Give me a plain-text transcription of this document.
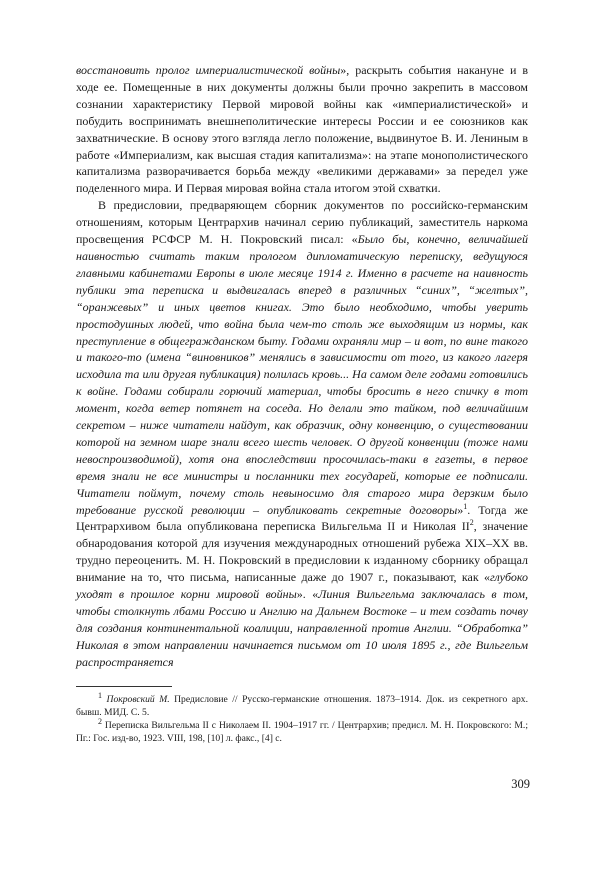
восстановить пролог империалистической войны», раскрыть события накануне и в ходе ее. Помещенные в них документы должны были прочно закрепить в массовом сознании характеристику Первой мировой войны как «империалистической» и побудить воспринимать внешнеполитические интересы России и ее союзников как захватнические. В основу этого взгляда легло положение, выдвинутое В. И. Лениным в работе «Империализм, как высшая стадия капитализма»: на этапе монополистического капитализма разворачивается борьба между «великими державами» за передел уже поделенного мира. И Первая мировая война стала итогом этой схватки.

В предисловии, предваряющем сборник документов по российско-германским отношениям, которым Центрархив начинал серию публикаций, заместитель наркома просвещения РСФСР М. Н. Покровский писал: «Было бы, конечно, величайшей наивностью считать таким прологом дипломатическую переписку, ведущуюся главными кабинетами Европы в июле месяце 1914 г. Именно в расчете на наивность публики эта переписка и выдвигалась вперед в различных “синих”, “желтых”, “оранжевых” и иных цветов книгах. Это было необходимо, чтобы уверить простодушных людей, что война была чем-то столь же выходящим из нормы, как преступление в общегражданском быту. Годами охраняли мир – и вот, по вине такого и такого-то (имена “виновников” менялись в зависимости от того, из какого лагеря исходила та или другая публикация) полилась кровь... На самом деле годами готовились к войне. Годами собирали горючий материал, чтобы бросить в него спичку в тот момент, когда ветер потянет на соседа. Но делали это тайком, под величайшим секретом – ниже читатели найдут, как образчик, одну конвенцию, о существовании которой на земном шаре знали всего шесть человек. О другой конвенции (тоже нами невоспроизводимой), хотя она впоследствии просочилась-таки в газеты, в первое время знали не все министры и посланники тех государей, которые ее подписали. Читатели поймут, почему столь невыносимо для старого мира дерзким было требование русской революции – опубликовать секретные договоры»$^1$. Тогда же Центрархивом была опубликована переписка Вильгельма II и Николая $II^2$, значение обнародования которой для изучения международных отношений рубежа XIX–XX вв. трудно переоценить. М. Н. Покровский в предисловии к изданному сборнику обращал внимание на то, что письма, написанные даже до 1907 г., показывают, как «глубоко уходят в прошлое корни мировой войны». «Линия Вильгельма заключалась в том, чтобы столкнуть лбами Россию и Англию на Дальнем Востоке – и тем создать почву для создания континентальной коалиции, направленной против Англии. “Обработка” Николая в этом направлении начинается письмом от 10 июля 1895 г., где Вильгельм распространяется

$^1$ Покровский М. Предисловие // Русско-германские отношения. 1873–1914. Док. из секретного арх. бывш. МИД. С. 5.

$^2$ Переписка Вильгельма II с Николаем II. 1904–1917 гг. / Центрархив; предисл. М. Н. Покровского: М.; Пг.: Гос. изд-во, 1923. VIII, 198, [10] л. факс., [4] с.

309
